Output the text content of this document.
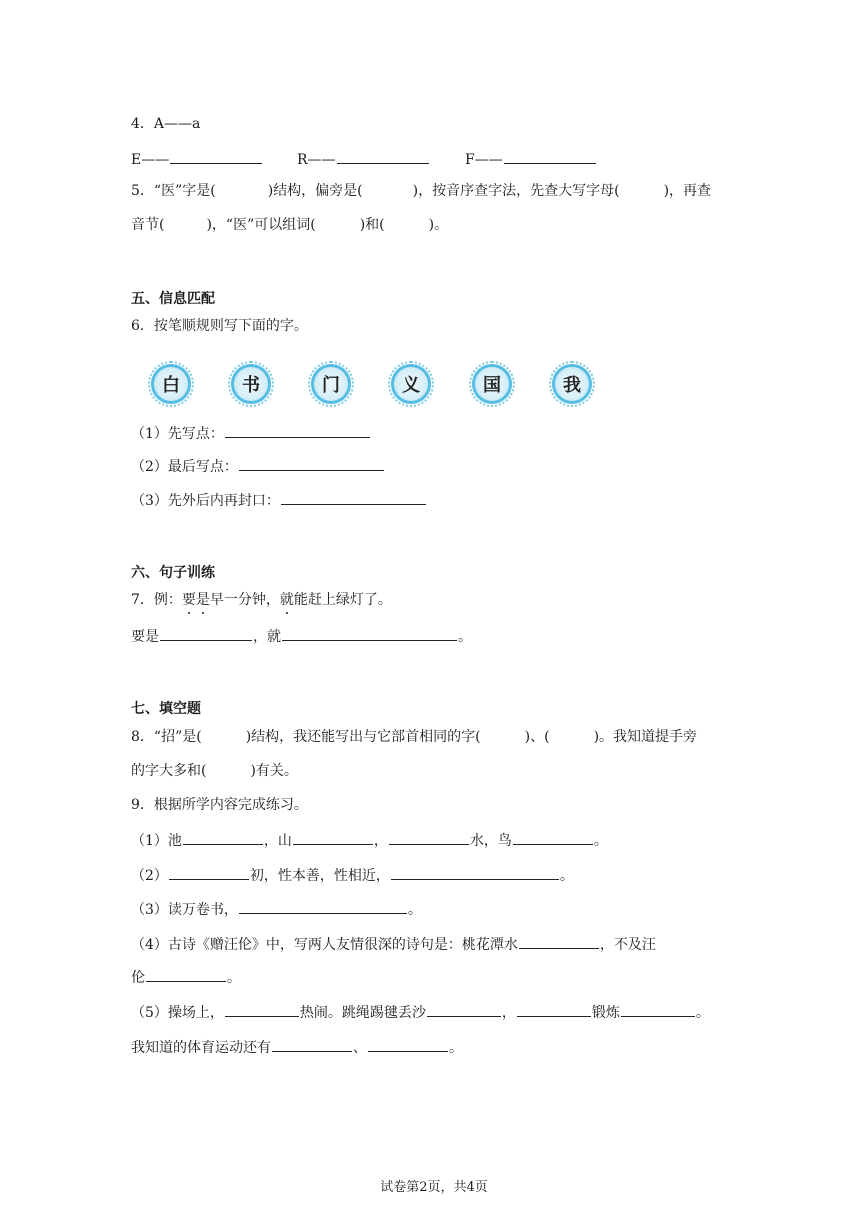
4．A——a
E——	R——	F——
5．“医”字是(	)结构，偏旁是(	)，按音序查字法，先查大写字母(	)，再查
音节(	)，“医”可以组词(	)和(	)。
五、信息匹配
6．按笔顺规则写下面的字。
白	书	门	义	国	我
（1）先写点：
（2）最后写点：
（3）先外后内再封口：
六、句子训练
7．例：要是早一分钟，就能赶上绿灯了。
要是	，就	。
七、填空题
8．“招”是(	)结构，我还能写出与它部首相同的字(	)、(	)。我知道提手旁
的字大多和(	)有关。
9．根据所学内容完成练习。
（1）池	，山	，	水，鸟	。
（2）	初，性本善，性相近，	。
（3）读万卷书，	。
（4）古诗《赠汪伦》中，写两人友情很深的诗句是：桃花潭水	，不及汪
伦	。
（5）操场上，	热闹。跳绳踢毽丢沙	，	锻炼	。
我知道的体育运动还有	、	。
试卷第2页，共4页
